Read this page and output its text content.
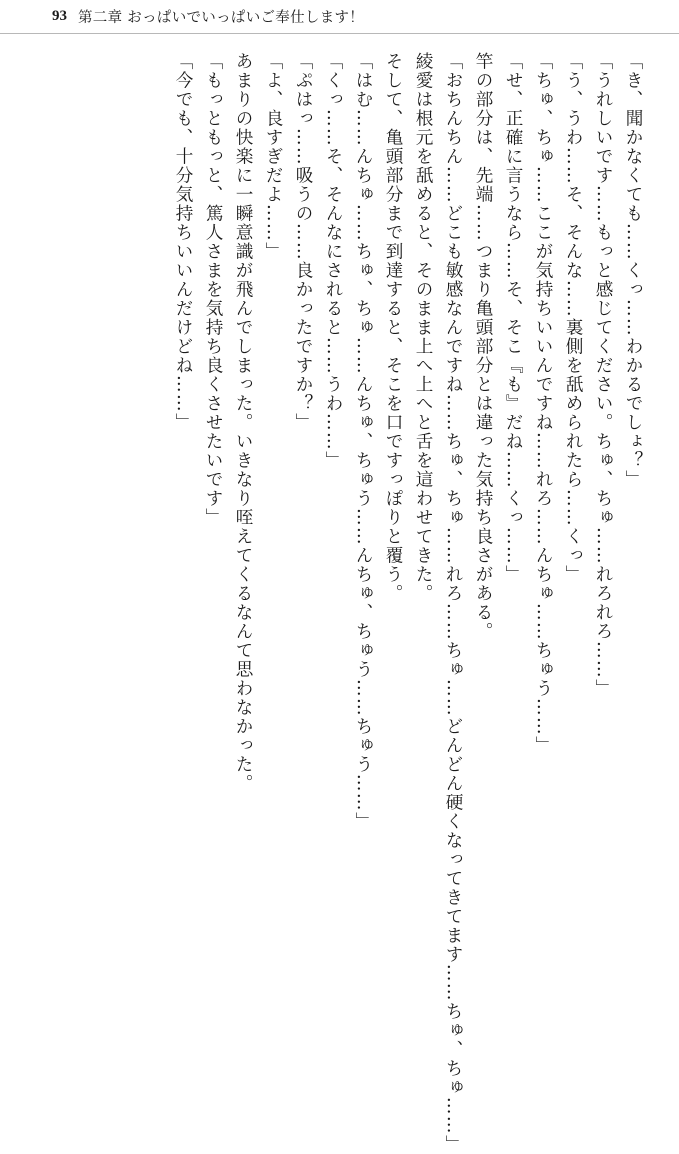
93 第二章 おっぱいでいっぱいご奉仕します！
「き、聞かなくても……くっ……わかるでしょ？」
「うれしいです……もっと感じてください。ちゅ、ちゅ……れろれろ……」
「う、うわ……そ、そんな……裏側を舐められたら……くっ」
「ちゅ、ちゅ……ここが気持ちいいんですね……れろ……んちゅ……ちゅう……」
「せ、正確に言うなら……そ、そこ『も』だね……くっ……」
竿の部分は、先端……つまり亀頭部分とは違った気持ち良さがある。
「おちんちん……どこも敏感なんですね……ちゅ、ちゅ……れろ……ちゅ……どんどん硬くなってきてます……ちゅ、ちゅ……」
綾愛は根元を舐めると、そのまま上へ上へと舌を這わせてきた。
そして、亀頭部分まで到達すると、そこを口ですっぽりと覆う。
「はむ……んちゅ……ちゅ、ちゅ……んちゅ、ちゅう……んちゅ、ちゅう……ちゅう……」
「くっ……そ、そんなにされると……うわ……」
「ぷはっ……吸うの……良かったですか？」
「よ、良すぎだよ……」
あまりの快楽に一瞬意識が飛んでしまった。いきなり咥えてくるなんて思わなかった。
「もっともっと、篤人さまを気持ち良くさせたいです」
「今でも、十分気持ちいいんだけどね……」
